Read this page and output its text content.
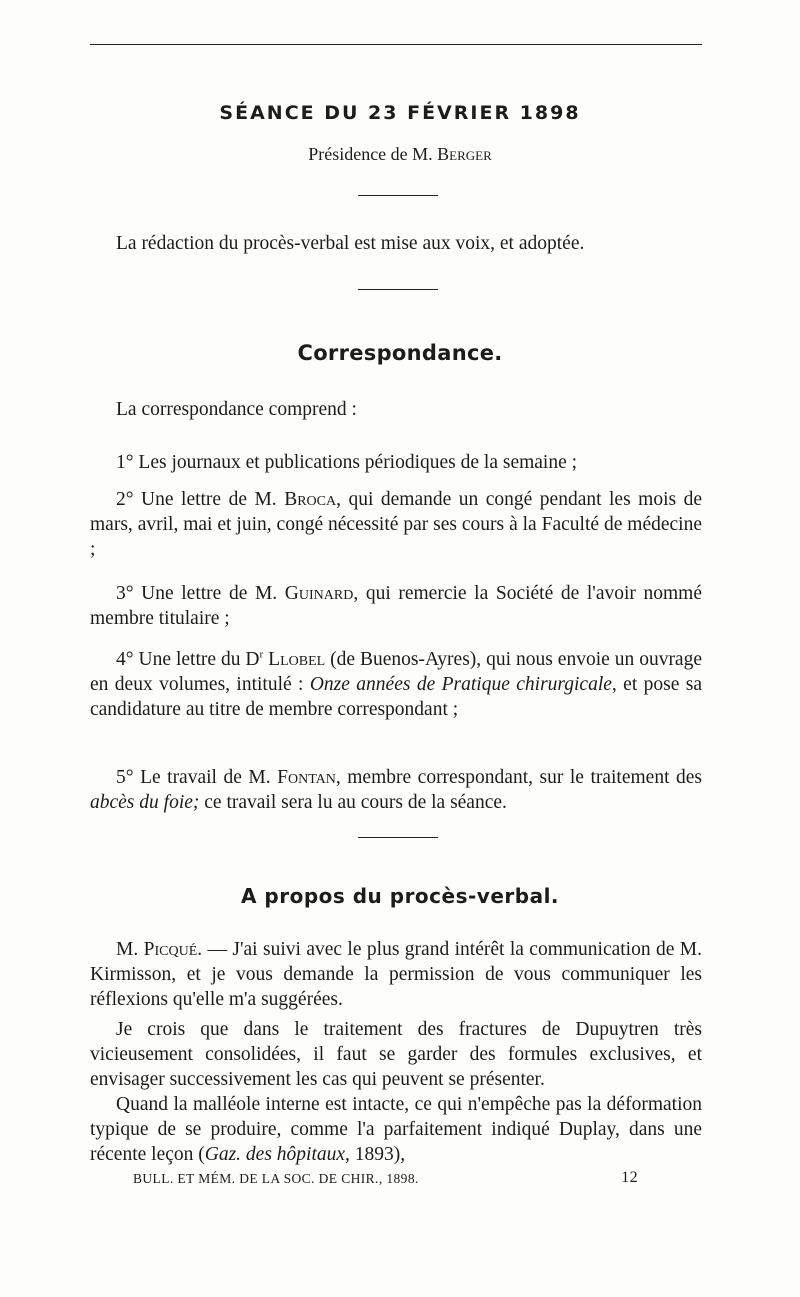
SÉANCE DU 23 FÉVRIER 1898
Présidence de M. Berger

La rédaction du procès-verbal est mise aux voix, et adoptée.

Correspondance.

La correspondance comprend :

1° Les journaux et publications périodiques de la semaine ;

2° Une lettre de M. Broca, qui demande un congé pendant les mois de mars, avril, mai et juin, congé nécessité par ses cours à la Faculté de médecine ;

3° Une lettre de M. Guinard, qui remercie la Société de l'avoir nommé membre titulaire ;

4° Une lettre du $D^r$ Llobel (de Buenos-Ayres), qui nous envoie un ouvrage en deux volumes, intitulé : Onze années de Pratique chirurgicale, et pose sa candidature au titre de membre correspondant ;

5° Le travail de M. Fontan, membre correspondant, sur le traitement des abcès du foie; ce travail sera lu au cours de la séance.

A propos du procès-verbal.

M. Picqué. — J'ai suivi avec le plus grand intérêt la communication de M. Kirmisson, et je vous demande la permission de vous communiquer les réflexions qu'elle m'a suggérées.

Je crois que dans le traitement des fractures de Dupuytren très vicieusement consolidées, il faut se garder des formules exclusives, et envisager successivement les cas qui peuvent se présenter.

Quand la malléole interne est intacte, ce qui n'empêche pas la déformation typique de se produire, comme l'a parfaitement indiqué Duplay, dans une récente leçon (Gaz. des hôpitaux, 1893),

BULL. ET MÉM. DE LA SOC. DE CHIR., 1898.	12
